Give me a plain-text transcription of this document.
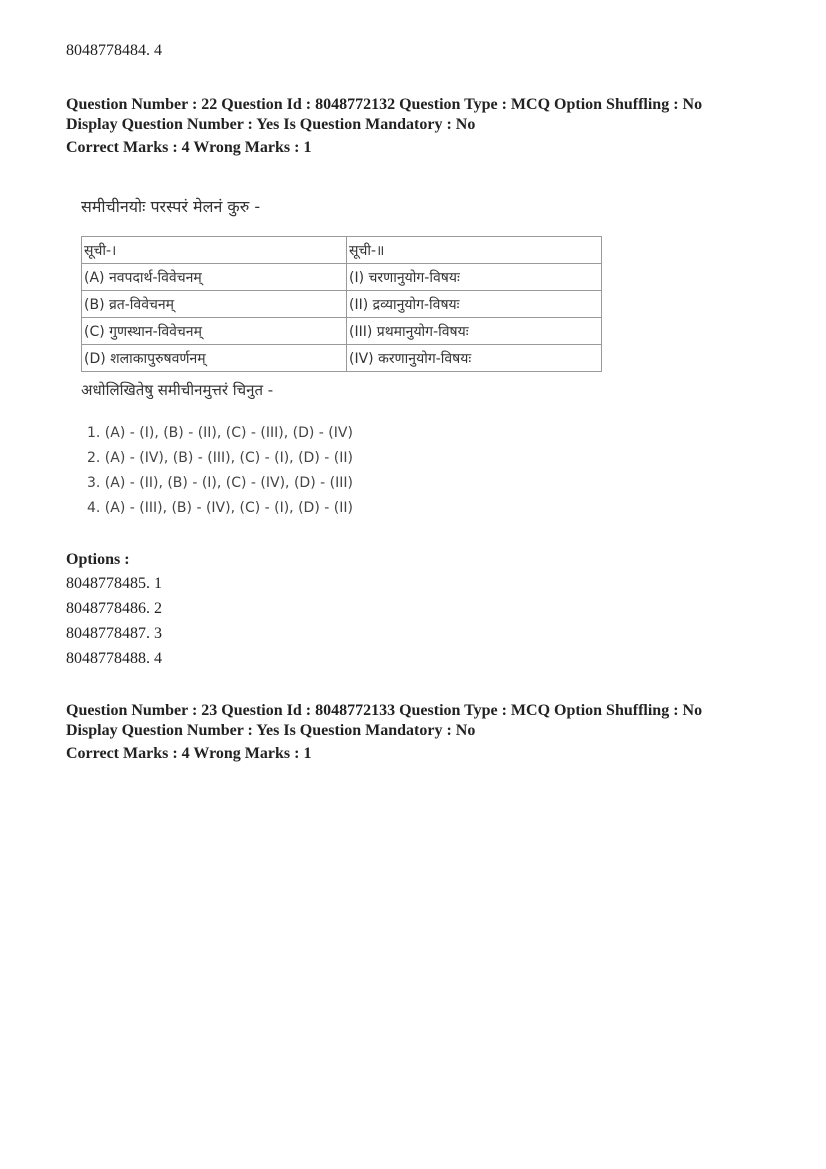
8048778484. 4
Question Number : 22 Question Id : 8048772132 Question Type : MCQ Option Shuffling : No
Display Question Number : Yes Is Question Mandatory : No
Correct Marks : 4 Wrong Marks : 1
समीचीनयोः परस्परं मेलनं कुरु -
सूची-।	सूची-॥
(A) नवपदार्थ-विवेचनम्	(I) चरणानुयोग-विषयः
(B) व्रत-विवेचनम्	(II) द्रव्यानुयोग-विषयः
(C) गुणस्थान-विवेचनम्	(III) प्रथमानुयोग-विषयः
(D) शलाकापुरुषवर्णनम्	(IV) करणानुयोग-विषयः
अधोलिखितेषु समीचीनमुत्तरं चिनुत -
1. (A) - (I), (B) - (II), (C) - (III), (D) - (IV)
2. (A) - (IV), (B) - (III), (C) - (I), (D) - (II)
3. (A) - (II), (B) - (I), (C) - (IV), (D) - (III)
4. (A) - (III), (B) - (IV), (C) - (I), (D) - (II)
Options :
8048778485. 1
8048778486. 2
8048778487. 3
8048778488. 4
Question Number : 23 Question Id : 8048772133 Question Type : MCQ Option Shuffling : No
Display Question Number : Yes Is Question Mandatory : No
Correct Marks : 4 Wrong Marks : 1
